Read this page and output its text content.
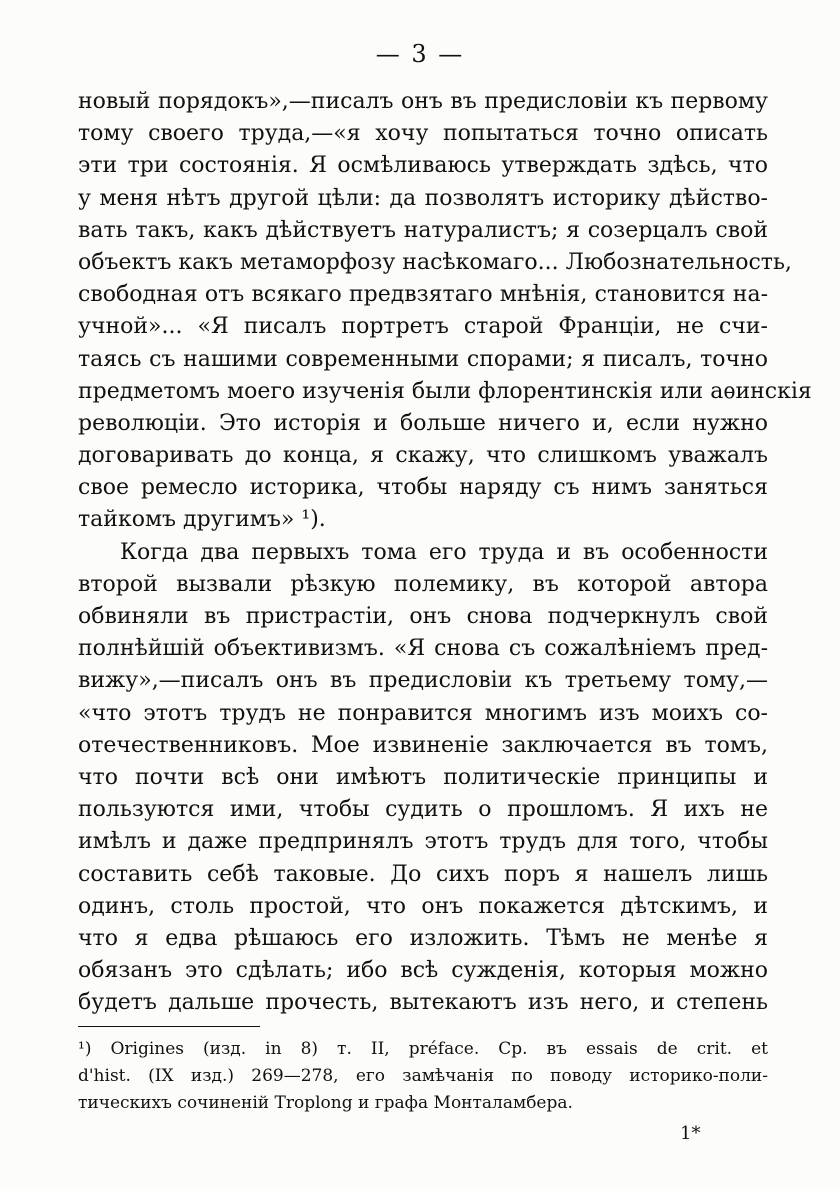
— 3 —
новый порядокъ»,—писалъ онъ въ предисловіи къ первому
тому своего труда,—«я хочу попытаться точно описать
эти три состоянія. Я осмѣливаюсь утверждать здѣсь, что
у меня нѣтъ другой цѣли: да позволятъ историку дѣйство-
вать такъ, какъ дѣйствуетъ натуралистъ; я созерцалъ свой
объектъ какъ метаморфозу насѣкомаго... Любознательность,
свободная отъ всякаго предвзятаго мнѣнія, становится на-
учной»... «Я писалъ портретъ старой Франціи, не счи-
таясь съ нашими современными спорами; я писалъ, точно
предметомъ моего изученія были флорентинскія или аѳинскія
революціи. Это исторія и больше ничего и, если нужно
договаривать до конца, я скажу, что слишкомъ уважалъ
свое ремесло историка, чтобы наряду съ нимъ заняться
тайкомъ другимъ» ¹).
Когда два первыхъ тома его труда и въ особенности
второй вызвали рѣзкую полемику, въ которой автора
обвиняли въ пристрастіи, онъ снова подчеркнулъ свой
полнѣйшій объективизмъ. «Я снова съ сожалѣніемъ пред-
вижу»,—писалъ онъ въ предисловіи къ третьему тому,—
«что этотъ трудъ не понравится многимъ изъ моихъ со-
отечественниковъ. Мое извиненіе заключается въ томъ,
что почти всѣ они имѣютъ политическіе принципы и
пользуются ими, чтобы судить о прошломъ. Я ихъ не
имѣлъ и даже предпринялъ этотъ трудъ для того, чтобы
составить себѣ таковые. До сихъ поръ я нашелъ лишь
одинъ, столь простой, что онъ покажется дѣтскимъ, и
что я едва рѣшаюсь его изложить. Тѣмъ не менѣе я
обязанъ это сдѣлать; ибо всѣ сужденія, которыя можно
будетъ дальше прочесть, вытекаютъ изъ него, и степень
¹) Origines (изд. in 8) т. II, préface. Ср. въ essais de crit. et
d'hist. (IX изд.) 269—278, его замѣчанія по поводу историко-поли-
тическихъ сочиненій Troplong и графа Монталамбера.
1*
